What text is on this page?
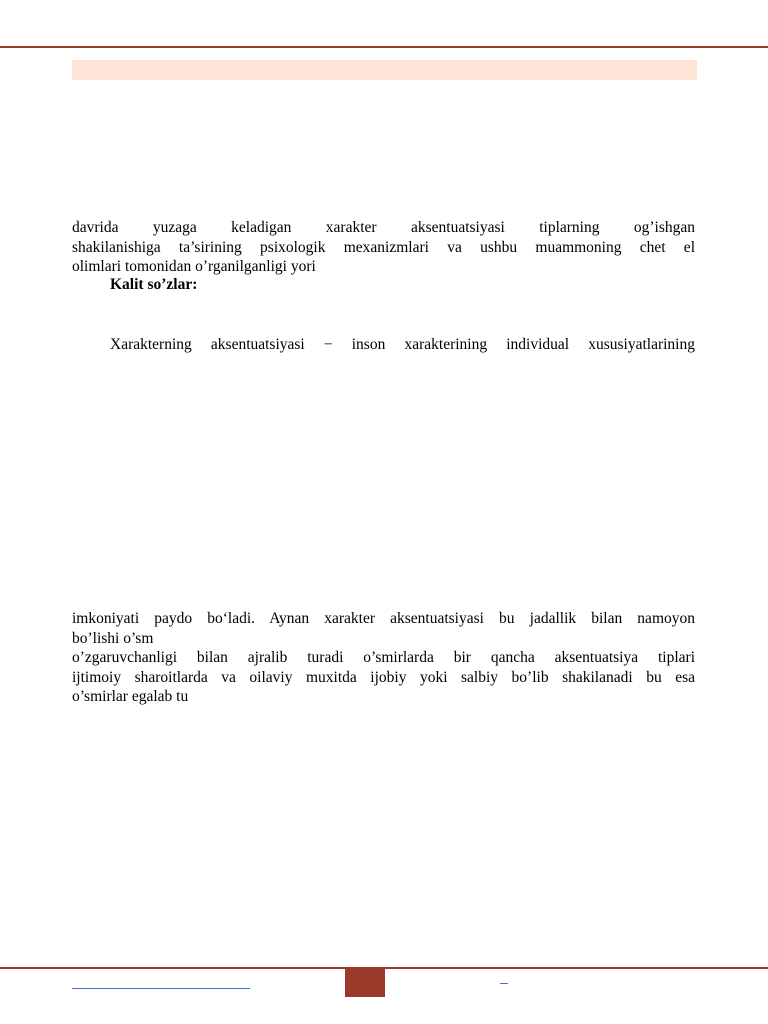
davrida yuzaga keladigan xarakter aksentuatsiyasi tiplarning og’ishgan
shakilanishiga ta’sirining psixologik mexanizmlari va ushbu muammoning chet el
olimlari tomonidan o’rganilganligi yori

Kalit so’zlar:

Xarakterning aksentuatsiyasi − inson xarakterining individual xususiyatlarining

imkoniyati paydo bo‘ladi. Aynan xarakter aksentuatsiyasi bu jadallik bilan namoyon
bo’lishi o’sm
o’zgaruvchanligi bilan ajralib turadi o’smirlarda bir qancha aksentuatsiya tiplari
ijtimoiy sharoitlarda va oilaviy muxitda ijobiy yoki salbiy bo’lib shakilanadi bu esa
o’smirlar egalab tu
